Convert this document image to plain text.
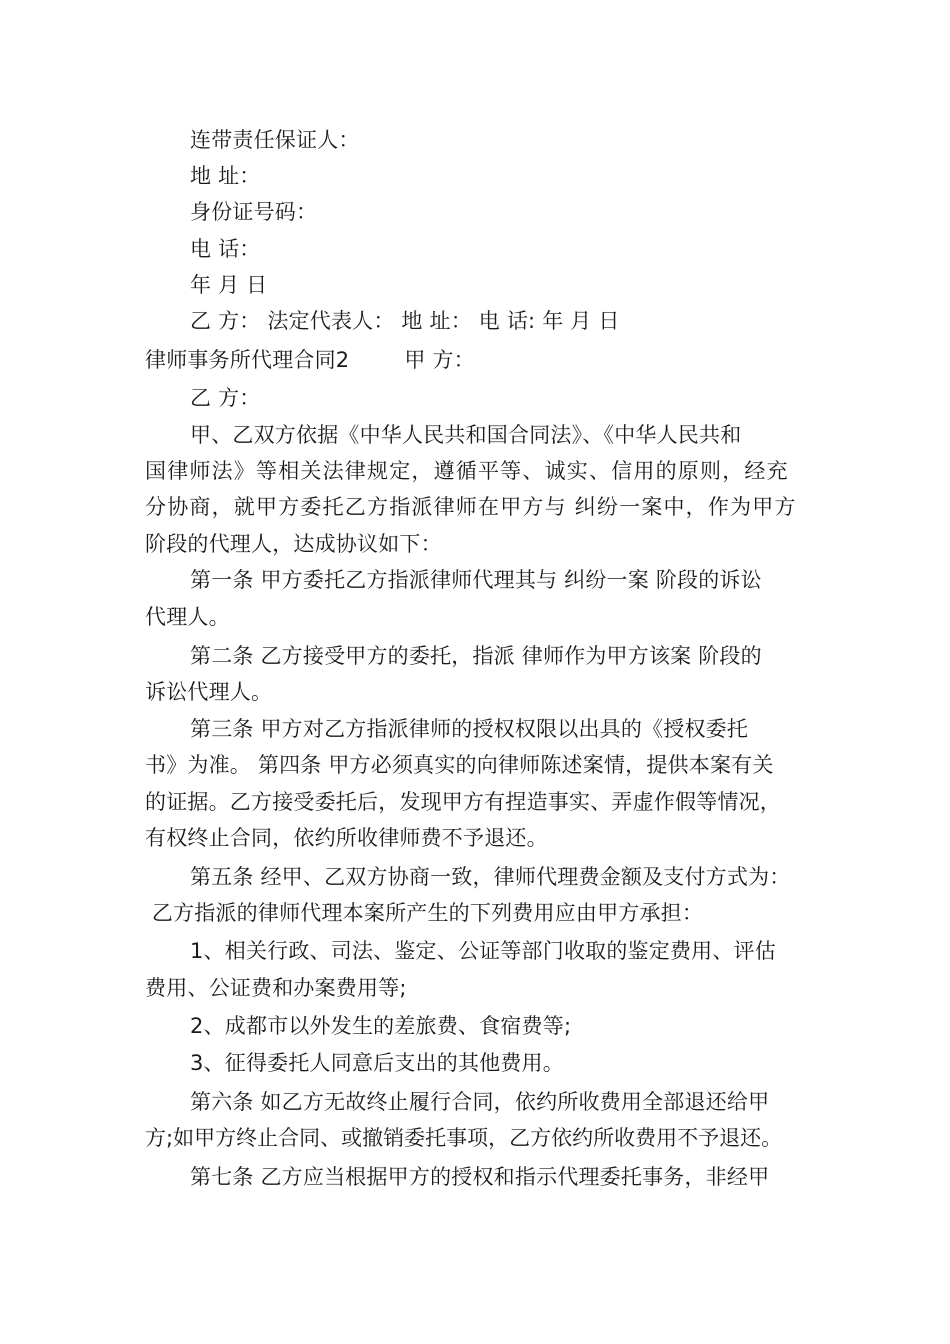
连带责任保证人：
地 址：
身份证号码：
电 话：
年 月 日
乙 方： 法定代表人： 地 址： 电 话: 年 月 日
律师事务所代理合同2        甲 方：
乙 方：
甲、乙双方依据《中华人民共和国合同法》、《中华人民共和
国律师法》等相关法律规定，遵循平等、诚实、信用的原则，经充
分协商，就甲方委托乙方指派律师在甲方与 纠纷一案中，作为甲方
阶段的代理人，达成协议如下：
第一条 甲方委托乙方指派律师代理其与 纠纷一案 阶段的诉讼
代理人。
第二条 乙方接受甲方的委托，指派 律师作为甲方该案 阶段的
诉讼代理人。
第三条 甲方对乙方指派律师的授权权限以出具的《授权委托
书》为准。 第四条 甲方必须真实的向律师陈述案情，提供本案有关
的证据。乙方接受委托后，发现甲方有捏造事实、弄虚作假等情况，
有权终止合同，依约所收律师费不予退还。
第五条 经甲、乙双方协商一致，律师代理费金额及支付方式为：
乙方指派的律师代理本案所产生的下列费用应由甲方承担：
1、相关行政、司法、鉴定、公证等部门收取的鉴定费用、评估
费用、公证费和办案费用等;
2、成都市以外发生的差旅费、食宿费等;
3、征得委托人同意后支出的其他费用。
第六条 如乙方无故终止履行合同，依约所收费用全部退还给甲
方;如甲方终止合同、或撤销委托事项，乙方依约所收费用不予退还。
第七条 乙方应当根据甲方的授权和指示代理委托事务，非经甲
